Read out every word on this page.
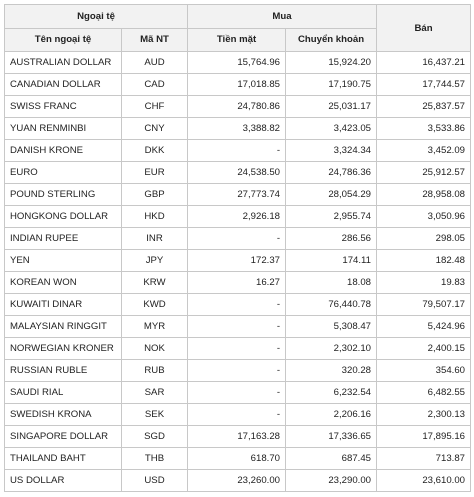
Ngoại tệ		Mua		Bán
Tên ngoại tệ	Mã NT	Tiền mặt	Chuyển khoản	
AUSTRALIAN DOLLAR	AUD	15,764.96	15,924.20	16,437.21
CANADIAN DOLLAR	CAD	17,018.85	17,190.75	17,744.57
SWISS FRANC	CHF	24,780.86	25,031.17	25,837.57
YUAN RENMINBI	CNY	3,388.82	3,423.05	3,533.86
DANISH KRONE	DKK	-	3,324.34	3,452.09
EURO	EUR	24,538.50	24,786.36	25,912.57
POUND STERLING	GBP	27,773.74	28,054.29	28,958.08
HONGKONG DOLLAR	HKD	2,926.18	2,955.74	3,050.96
INDIAN RUPEE	INR	-	286.56	298.05
YEN	JPY	172.37	174.11	182.48
KOREAN WON	KRW	16.27	18.08	19.83
KUWAITI DINAR	KWD	-	76,440.78	79,507.17
MALAYSIAN RINGGIT	MYR	-	5,308.47	5,424.96
NORWEGIAN KRONER	NOK	-	2,302.10	2,400.15
RUSSIAN RUBLE	RUB	-	320.28	354.60
SAUDI RIAL	SAR	-	6,232.54	6,482.55
SWEDISH KRONA	SEK	-	2,206.16	2,300.13
SINGAPORE DOLLAR	SGD	17,163.28	17,336.65	17,895.16
THAILAND BAHT	THB	618.70	687.45	713.87
US DOLLAR	USD	23,260.00	23,290.00	23,610.00
